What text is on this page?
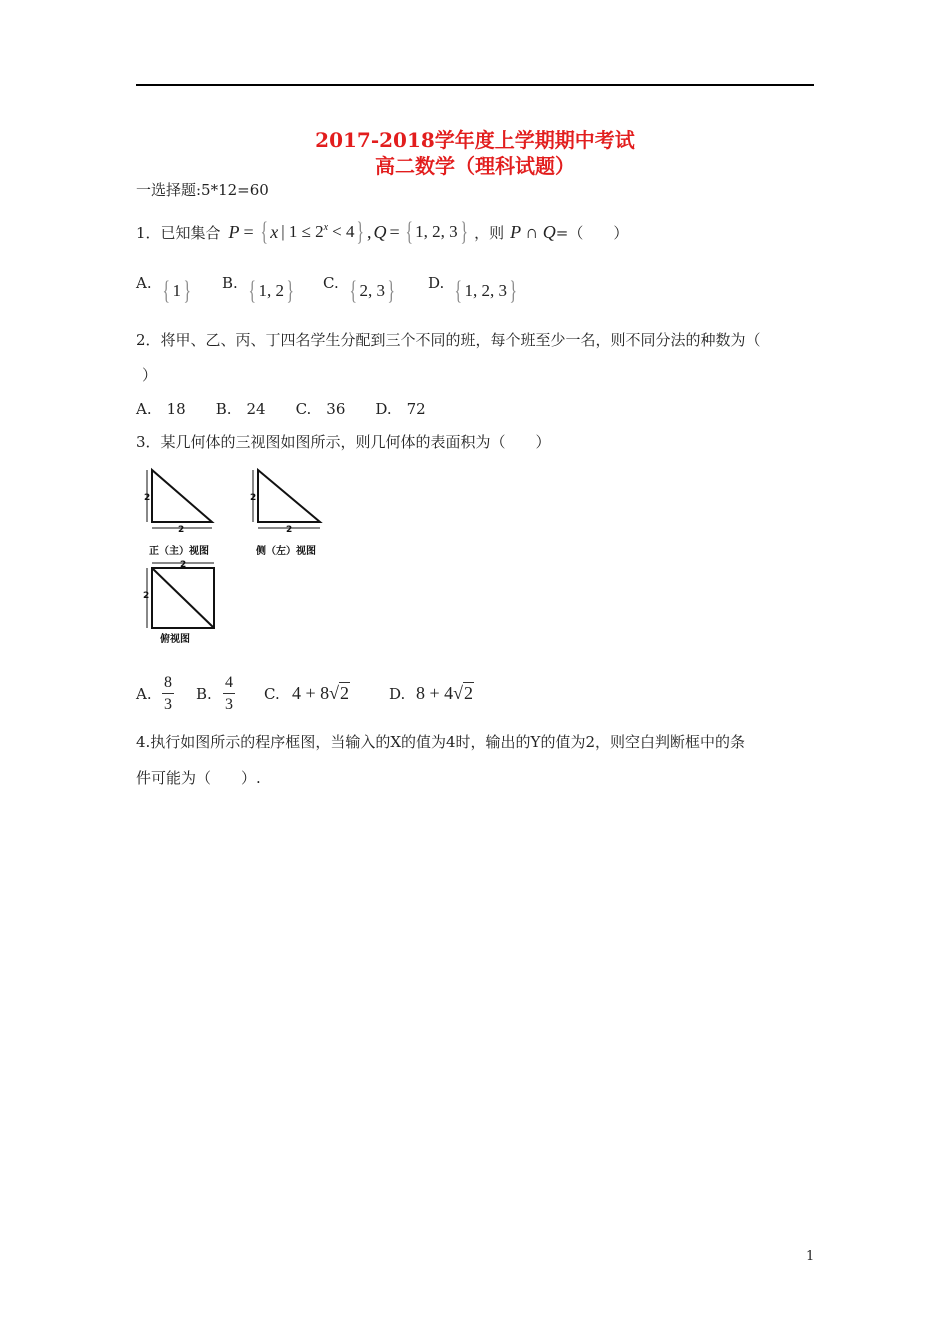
2017-2018学年度上学期期中考试
高二数学（理科试题）
一选择题:5*12=60
1．已知集合 P = { x | $1 \le 2^x < 4$ } , Q = { 1, 2, 3 } ，则 P ∩ Q =（　　）
A. { 1 } B. { 1, 2 } C. { 2, 3 } D. { 1, 2, 3 }
2．将甲、乙、丙、丁四名学生分配到三个不同的班，每个班至少一名，则不同分法的种数为（
）
A.　18　　B.　24　　C.　36　　D.　72
3．某几何体的三视图如图所示，则几何体的表面积为（　　）
2
2
正（主）视图
2
2
侧（左）视图
2
2
俯视图
A. $\frac{8}{3} B$. $\frac{4}{3} C$. 4 + 8√2	D. 8 + 4√2
4.执行如图所示的程序框图，当输入的X的值为4时，输出的Y的值为2，则空白判断框中的条
件可能为（　　）.
1
